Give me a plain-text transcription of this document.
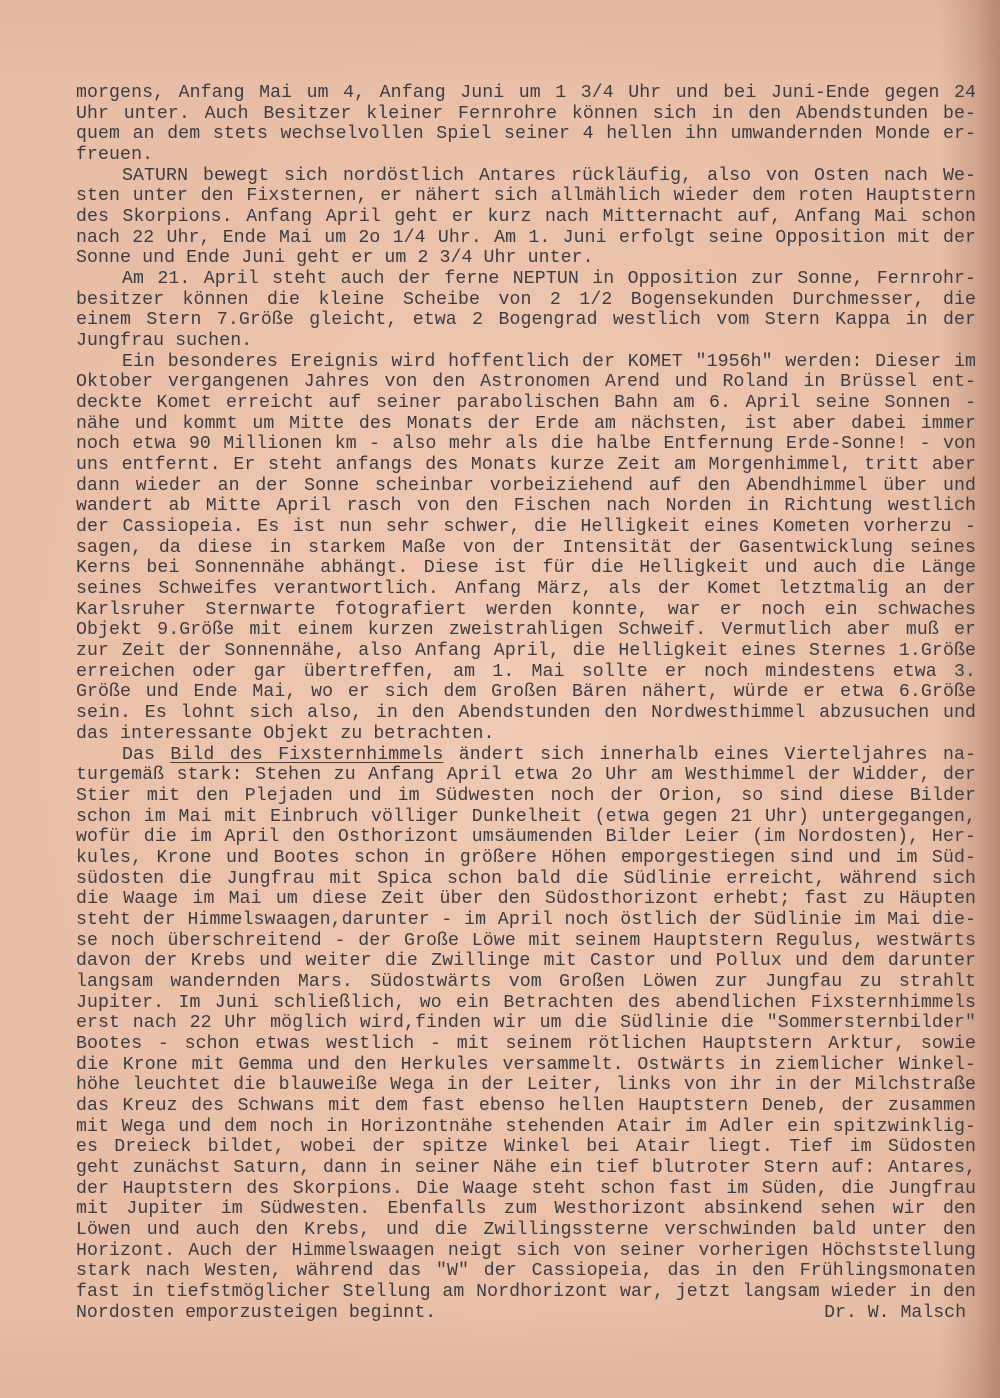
morgens, Anfang Mai um 4, Anfang Juni um 1 3/4 Uhr und bei Juni-Ende gegen 24
Uhr unter. Auch Besitzer kleiner Fernrohre können sich in den Abendstunden be-
quem an dem stets wechselvollen Spiel seiner 4 hellen ihn umwandernden Monde er-
freuen.
SATURN bewegt sich nordöstlich Antares rückläufig, also von Osten nach We-
sten unter den Fixsternen, er nähert sich allmählich wieder dem roten Hauptstern
des Skorpions. Anfang April geht er kurz nach Mitternacht auf, Anfang Mai schon
nach 22 Uhr, Ende Mai um 2o 1/4 Uhr. Am 1. Juni erfolgt seine Opposition mit der
Sonne und Ende Juni geht er um 2 3/4 Uhr unter.
Am 21. April steht auch der ferne NEPTUN in Opposition zur Sonne, Fernrohr-
besitzer können die kleine Scheibe von 2 1/2 Bogensekunden Durchmesser, die
einem Stern 7.Größe gleicht, etwa 2 Bogengrad westlich vom Stern Kappa in der
Jungfrau suchen.
Ein besonderes Ereignis wird hoffentlich der KOMET "1956h" werden: Dieser im
Oktober vergangenen Jahres von den Astronomen Arend und Roland in Brüssel ent-
deckte Komet erreicht auf seiner parabolischen Bahn am 6. April seine Sonnen -
nähe und kommt um Mitte des Monats der Erde am nächsten, ist aber dabei immer
noch etwa 90 Millionen km - also mehr als die halbe Entfernung Erde-Sonne! - von
uns entfernt. Er steht anfangs des Monats kurze Zeit am Morgenhimmel, tritt aber
dann wieder an der Sonne scheinbar vorbeiziehend auf den Abendhimmel über und
wandert ab Mitte April rasch von den Fischen nach Norden in Richtung westlich
der Cassiopeia. Es ist nun sehr schwer, die Helligkeit eines Kometen vorherzu -
sagen, da diese in starkem Maße von der Intensität der Gasentwicklung seines
Kerns bei Sonnennähe abhängt. Diese ist für die Helligkeit und auch die Länge
seines Schweifes verantwortlich. Anfang März, als der Komet letztmalig an der
Karlsruher Sternwarte fotografiert werden konnte, war er noch ein schwaches
Objekt 9.Größe mit einem kurzen zweistrahligen Schweif. Vermutlich aber muß er
zur Zeit der Sonnennähe, also Anfang April, die Helligkeit eines Sternes 1.Größe
erreichen oder gar übertreffen, am 1. Mai sollte er noch mindestens etwa 3.
Größe und Ende Mai, wo er sich dem Großen Bären nähert, würde er etwa 6.Größe
sein. Es lohnt sich also, in den Abendstunden den Nordwesthimmel abzusuchen und
das interessante Objekt zu betrachten.
Das Bild des Fixsternhimmels ändert sich innerhalb eines Vierteljahres na-
turgemäß stark: Stehen zu Anfang April etwa 2o Uhr am Westhimmel der Widder, der
Stier mit den Plejaden und im Südwesten noch der Orion, so sind diese Bilder
schon im Mai mit Einbruch völliger Dunkelheit (etwa gegen 21 Uhr) untergegangen,
wofür die im April den Osthorizont umsäumenden Bilder Leier (im Nordosten), Her-
kules, Krone und Bootes schon in größere Höhen emporgestiegen sind und im Süd-
südosten die Jungfrau mit Spica schon bald die Südlinie erreicht, während sich
die Waage im Mai um diese Zeit über den Südosthorizont erhebt; fast zu Häupten
steht der Himmelswaagen,darunter - im April noch östlich der Südlinie im Mai die-
se noch überschreitend - der Große Löwe mit seinem Hauptstern Regulus, westwärts
davon der Krebs und weiter die Zwillinge mit Castor und Pollux und dem darunter
langsam wandernden Mars. Südostwärts vom Großen Löwen zur Jungfau zu strahlt
Jupiter. Im Juni schließlich, wo ein Betrachten des abendlichen Fixsternhimmels
erst nach 22 Uhr möglich wird,finden wir um die Südlinie die "Sommersternbilder"
Bootes - schon etwas westlich - mit seinem rötlichen Hauptstern Arktur, sowie
die Krone mit Gemma und den Herkules versammelt. Ostwärts in ziemlicher Winkel-
höhe leuchtet die blauweiße Wega in der Leiter, links von ihr in der Milchstraße
das Kreuz des Schwans mit dem fast ebenso hellen Hauptstern Deneb, der zusammen
mit Wega und dem noch in Horizontnähe stehenden Atair im Adler ein spitzwinklig-
es Dreieck bildet, wobei der spitze Winkel bei Atair liegt. Tief im Südosten
geht zunächst Saturn, dann in seiner Nähe ein tief blutroter Stern auf: Antares,
der Hauptstern des Skorpions. Die Waage steht schon fast im Süden, die Jungfrau
mit Jupiter im Südwesten. Ebenfalls zum Westhorizont absinkend sehen wir den
Löwen und auch den Krebs, und die Zwillingssterne verschwinden bald unter den
Horizont. Auch der Himmelswaagen neigt sich von seiner vorherigen Höchststellung
stark nach Westen, während das "W" der Cassiopeia, das in den Frühlingsmonaten
fast in tiefstmöglicher Stellung am Nordhorizont war, jetzt langsam wieder in den
Nordosten emporzusteigen beginnt.	Dr. W. Malsch
